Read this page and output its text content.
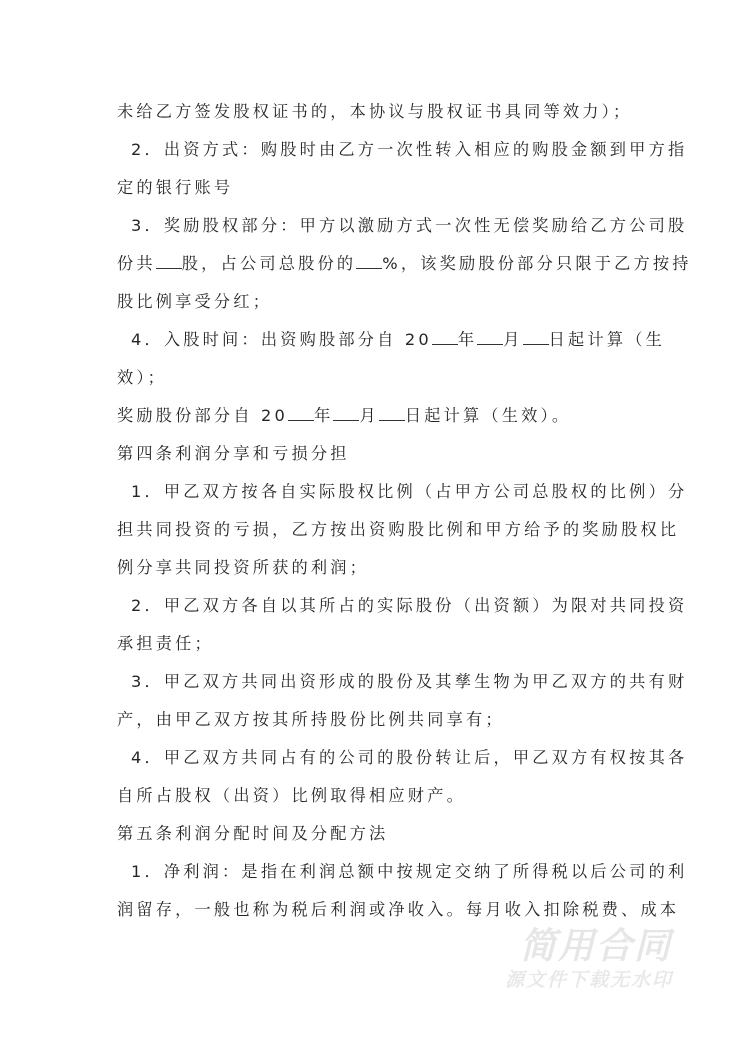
未给乙方签发股权证书的，本协议与股权证书具同等效力）；
2．出资方式：购股时由乙方一次性转入相应的购股金额到甲方指
定的银行账号
3．奖励股权部分：甲方以激励方式一次性无偿奖励给乙方公司股
份共 股，占公司总股份的 %，该奖励股份部分只限于乙方按持
股比例享受分红；
4．入股时间：出资购股部分自 20 年 月 日起计算（生
效）；
奖励股份部分自 20 年 月 日起计算（生效）。
第四条利润分享和亏损分担
1．甲乙双方按各自实际股权比例（占甲方公司总股权的比例）分
担共同投资的亏损，乙方按出资购股比例和甲方给予的奖励股权比
例分享共同投资所获的利润；
2．甲乙双方各自以其所占的实际股份（出资额）为限对共同投资
承担责任；
3．甲乙双方共同出资形成的股份及其孳生物为甲乙双方的共有财
产，由甲乙双方按其所持股份比例共同享有；
4．甲乙双方共同占有的公司的股份转让后，甲乙双方有权按其各
自所占股权（出资）比例取得相应财产。
第五条利润分配时间及分配方法
1．净利润：是指在利润总额中按规定交纳了所得税以后公司的利
润留存，一般也称为税后利润或净收入。每月收入扣除税费、成本
简用合同
源文件下载无水印
